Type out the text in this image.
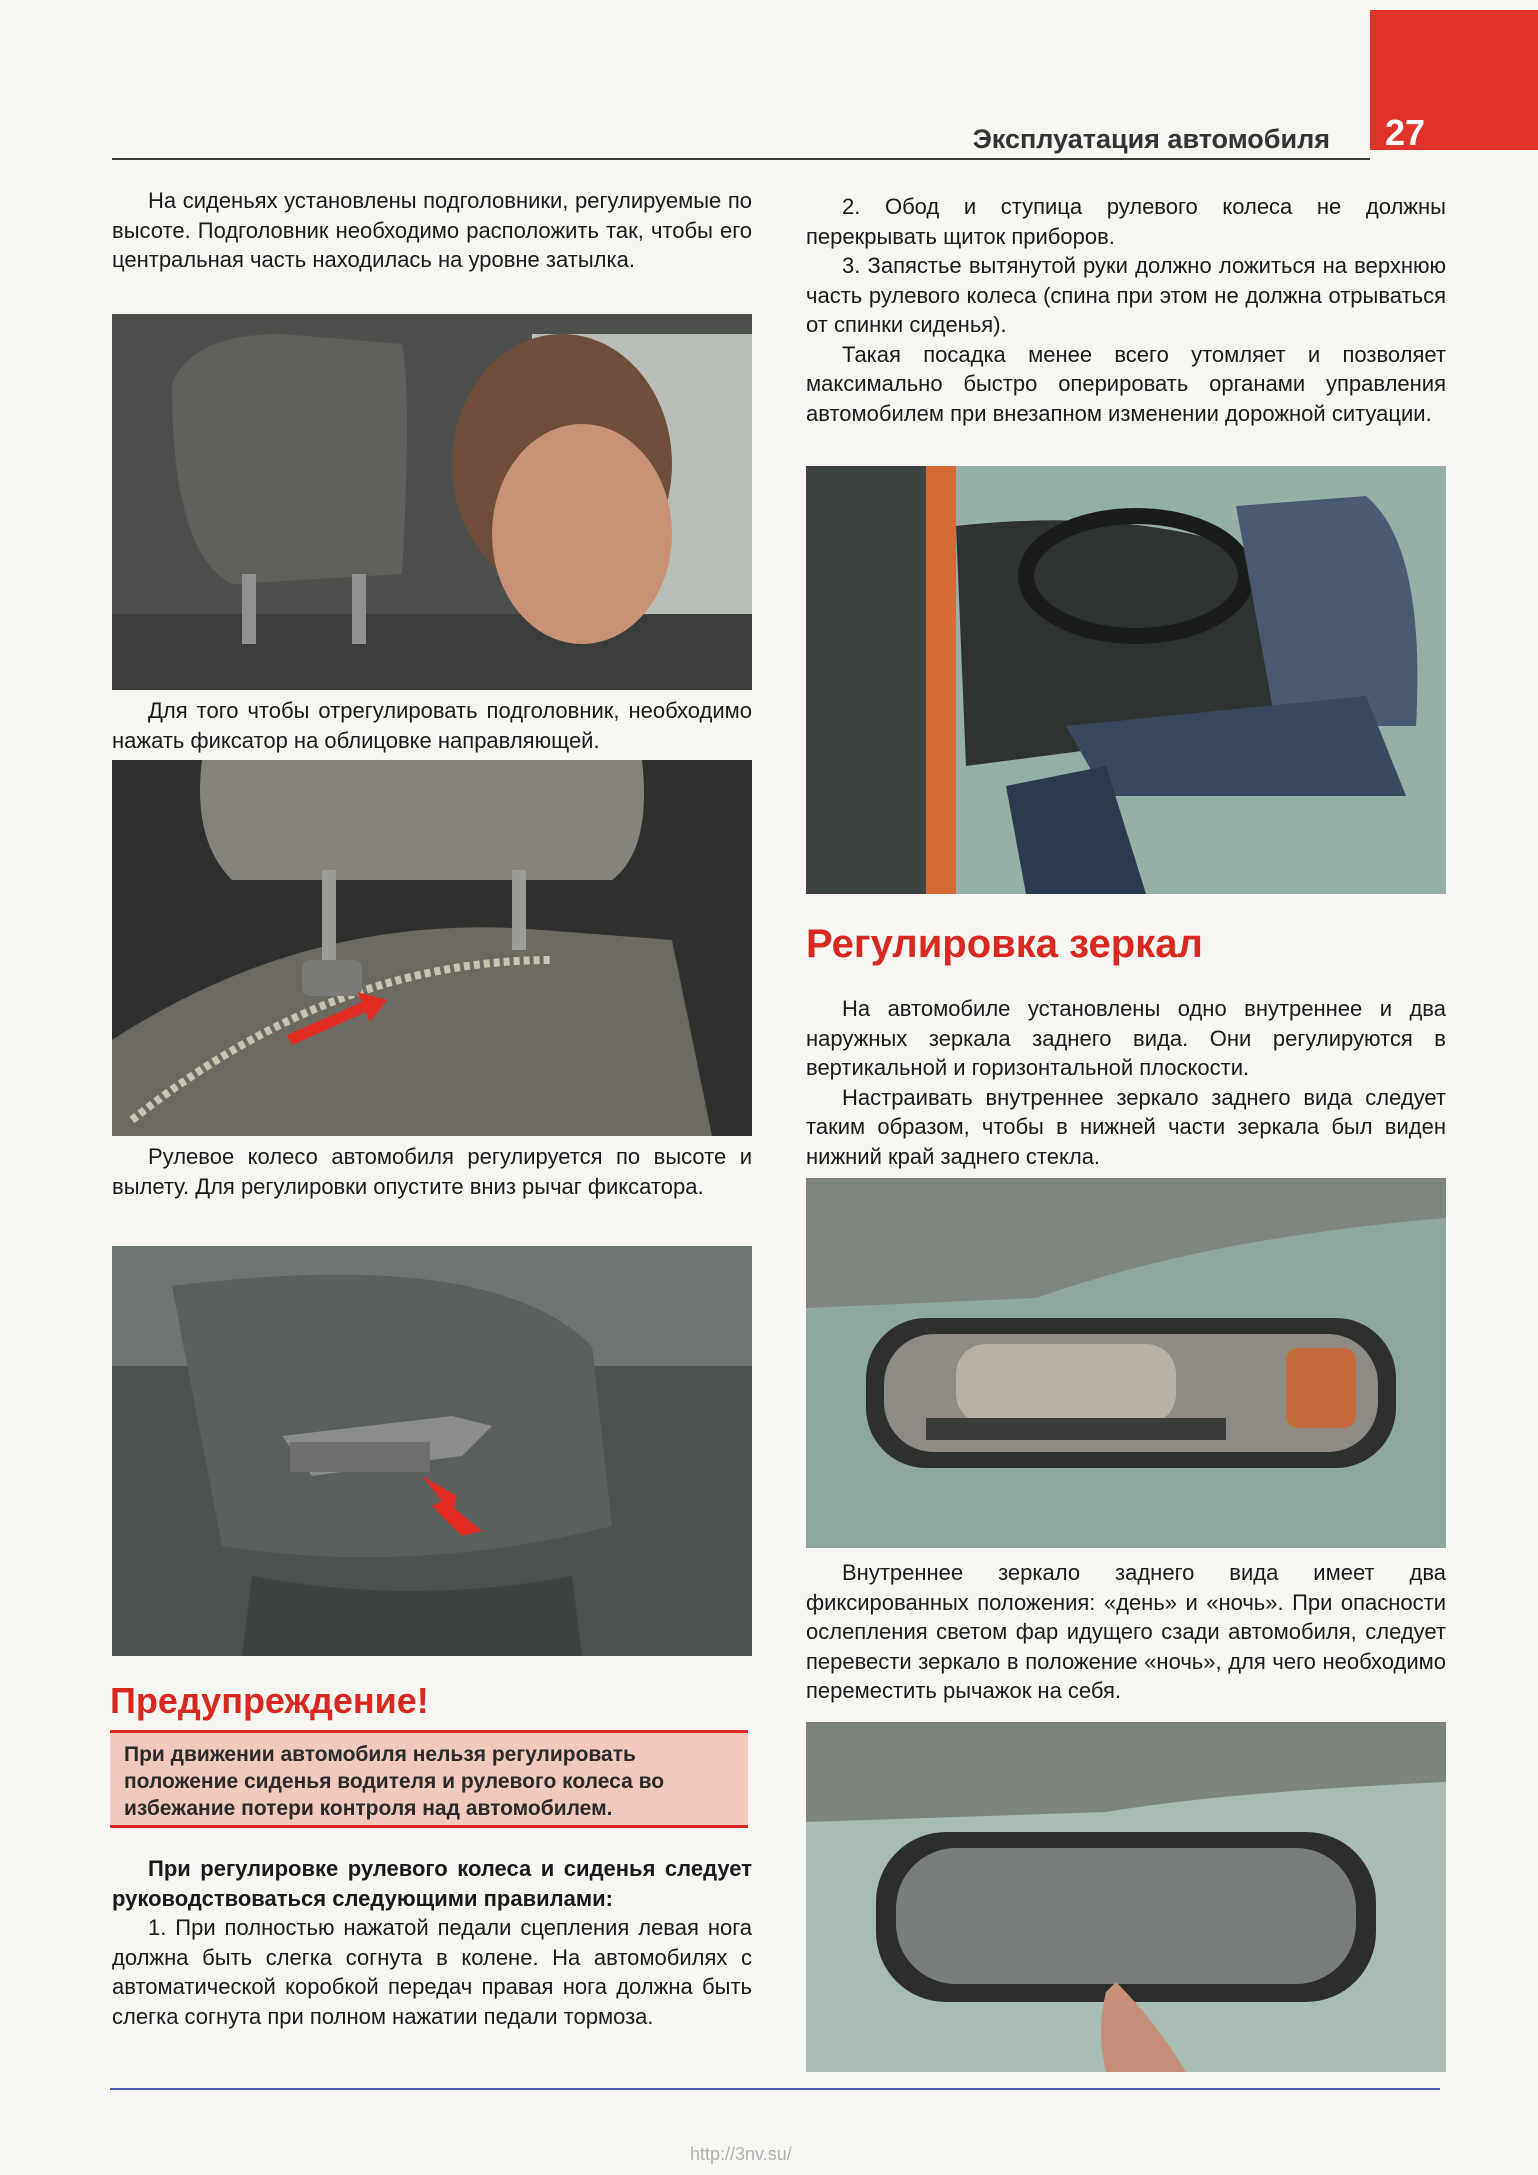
27
Эксплуатация автомобиля

На сиденьях установлены подголовники, регулируемые по высоте. Подголовник необходимо расположить так, чтобы его центральная часть находилась на уровне затылка.

Для того чтобы отрегулировать подголовник, необходимо нажать фиксатор на облицовке направляющей.

Рулевое колесо автомобиля регулируется по высоте и вылету. Для регулировки опустите вниз рычаг фиксатора.

Предупреждение!
При движении автомобиля нельзя регулировать положение сиденья водителя и рулевого колеса во избежание потери контроля над автомобилем.

При регулировке рулевого колеса и сиденья следует руководствоваться следующими правилами:

1. При полностью нажатой педали сцепления левая нога должна быть слегка согнута в колене. На автомобилях с автоматической коробкой передач правая нога должна быть слегка согнута при полном нажатии педали тормоза.

2. Обод и ступица рулевого колеса не должны перекрывать щиток приборов.

3. Запястье вытянутой руки должно ложиться на верхнюю часть рулевого колеса (спина при этом не должна отрываться от спинки сиденья).

Такая посадка менее всего утомляет и позволяет максимально быстро оперировать органами управления автомобилем при внезапном изменении дорожной ситуации.

Регулировка зеркал

На автомобиле установлены одно внутреннее и два наружных зеркала заднего вида. Они регулируются в вертикальной и горизонтальной плоскости.

Настраивать внутреннее зеркало заднего вида следует таким образом, чтобы в нижней части зеркала был виден нижний край заднего стекла.

Внутреннее зеркало заднего вида имеет два фиксированных положения: «день» и «ночь». При опасности ослепления светом фар идущего сзади автомобиля, следует перевести зеркало в положение «ночь», для чего необходимо переместить рычажок на себя.

http://3nv.su/
